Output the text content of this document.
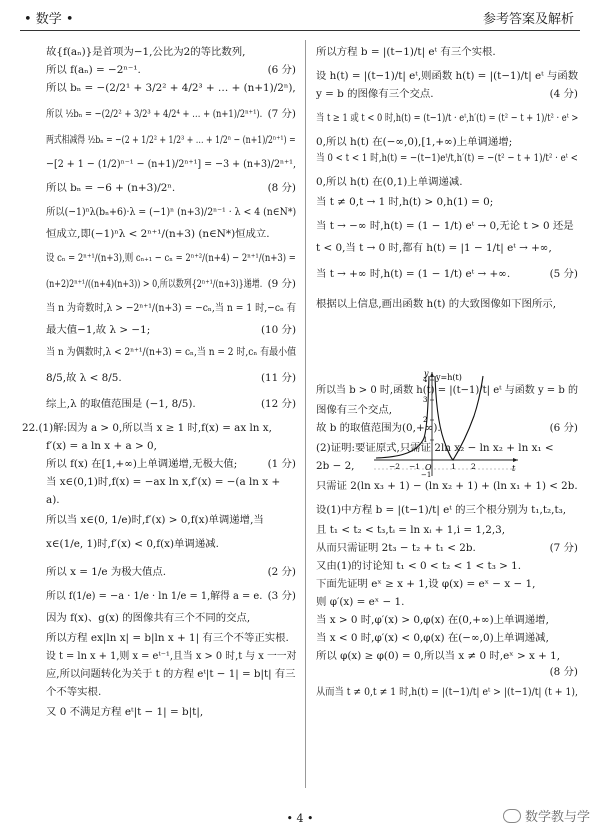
• 数学 •	参考答案及解析
故{f(aₙ)}是首项为−1,公比为2的等比数列,
所以 f(aₙ) = −2ⁿ⁻¹.	(6 分)
所以 bₙ = −(2/2¹ + 3/2² + 4/2³ + … + (n+1)/2ⁿ),
所以 ½bₙ = −(2/2² + 3/2³ + 4/2⁴ + … + (n+1)/2ⁿ⁺¹). (7 分)
两式相减得 ½bₙ = −(2 + 1/2² + 1/2³ + … + 1/2ⁿ − (n+1)/2ⁿ⁺¹) =
−[2 + 1 − (1/2)ⁿ⁻¹ − (n+1)/2ⁿ⁺¹] = −3 + (n+3)/2ⁿ⁺¹,
所以 bₙ = −6 + (n+3)/2ⁿ.	(8 分)
所以(−1)ⁿλ(bₙ+6)·λ = (−1)ⁿ (n+3)/2ⁿ⁻¹ · λ < 4 (n∈N*)
恒成立,即(−1)ⁿλ < 2ⁿ⁺¹/(n+3) (n∈N*)恒成立.
设 cₙ = 2ⁿ⁺¹/(n+3),则 cₙ₊₁ − cₙ = 2ⁿ⁺²/(n+4) − 2ⁿ⁺¹/(n+3) =
(n+2)2ⁿ⁺¹/((n+4)(n+3)) > 0,所以数列{2ⁿ⁺¹/(n+3)}递增. (9 分)
当 n 为奇数时,λ > −2ⁿ⁺¹/(n+3) = −cₙ,当 n = 1 时,−cₙ 有
最大值−1,故 λ > −1;	(10 分)
当 n 为偶数时,λ < 2ⁿ⁺¹/(n+3) = cₙ,当 n = 2 时,cₙ 有最小值
8/5,故 λ < 8/5.	(11 分)
综上,λ 的取值范围是 (−1, 8/5).	(12 分)
22.(1)解:因为 a > 0,所以当 x ≥ 1 时,f(x) = ax ln x,
f′(x) = a ln x + a > 0,
所以 f(x) 在[1,+∞)上单调递增,无极大值;	(1 分)
当 x∈(0,1)时,f(x) = −ax ln x,f′(x) = −(a ln x +
a).
所以当 x∈(0, 1/e)时,f′(x) > 0,f(x)单调递增,当
x∈(1/e, 1)时,f′(x) < 0,f(x)单调递减.
所以 x = 1/e 为极大值点.	(2 分)
所以 f(1/e) = −a · 1/e · ln 1/e = 1,解得 a = e. (3 分)
因为 f(x)、g(x) 的图像共有三个不同的交点,
所以方程 ex|ln x| = b|ln x + 1| 有三个不等正实根.
设 t = ln x + 1,则 x = eᵗ⁻¹,且当 x > 0 时,t 与 x 一一对
应,所以问题转化为关于 t 的方程 eᵗ|t − 1| = b|t| 有三
个不等实根.
又 0 不满足方程 eᵗ|t − 1| = b|t|,
所以方程 b = |(t−1)/t| eᵗ 有三个实根.
设 h(t) = |(t−1)/t| eᵗ,则函数 h(t) = |(t−1)/t| eᵗ 与函数
y = b 的图像有三个交点.	(4 分)
当 t ≥ 1 或 t < 0 时,h(t) = (t−1)/t · eᵗ,h′(t) = (t² − t + 1)/t² · eᵗ >
0,所以 h(t) 在(−∞,0),[1,+∞)上单调递增;
当 0 < t < 1 时,h(t) = −(t−1)eᵗ/t,h′(t) = −(t² − t + 1)/t² · eᵗ <
0,所以 h(t) 在(0,1)上单调递减.
当 t ≠ 0,t → 1 时,h(t) > 0,h(1) = 0;
当 t → −∞ 时,h(t) = (1 − 1/t) eᵗ → 0,无论 t > 0 还是
t < 0,当 t → 0 时,都有 h(t) = |1 − 1/t| eᵗ → +∞,
当 t → +∞ 时,h(t) = (1 − 1/t) eᵗ → +∞.	(5 分)
根据以上信息,画出函数 h(t) 的大致图像如下图所示,
所以当 b > 0 时,函数 h(t) = |(t−1)/t| eᵗ 与函数 y = b 的
图像有三个交点,
故 b 的取值范围为(0,+∞).	(6 分)
(2)证明:要证原式,只需证 2ln x₂ − ln x₂ + ln x₁ <
2b − 2,
只需证 2(ln x₃ + 1) − (ln x₂ + 1) + (ln x₁ + 1) < 2b.
设(1)中方程 b = |(t−1)/t| eᵗ 的三个根分别为 t₁,t₂,t₃,
且 t₁ < t₂ < t₃,tᵢ = ln xᵢ + 1,i = 1,2,3,
从而只需证明 2t₃ − t₂ + t₁ < 2b.	(7 分)
又由(1)的讨论知 t₁ < 0 < t₂ < 1 < t₃ > 1.
下面先证明 eˣ ≥ x + 1,设 φ(x) = eˣ − x − 1,
则 φ′(x) = eˣ − 1.
当 x > 0 时,φ′(x) > 0,φ(x) 在(0,+∞)上单调递增,
当 x < 0 时,φ′(x) < 0,φ(x) 在(−∞,0)上单调递减,
所以 φ(x) ≥ φ(0) = 0,所以当 x ≠ 0 时,eˣ > x + 1,
(8 分)
从而当 t ≠ 0,t ≠ 1 时,h(t) = |(t−1)/t| eᵗ > |(t−1)/t| (t + 1),
y=h(t)
y
t
O
−2 −1	1 2
4
3
2
1
−1
• 4 •	数学教与学
